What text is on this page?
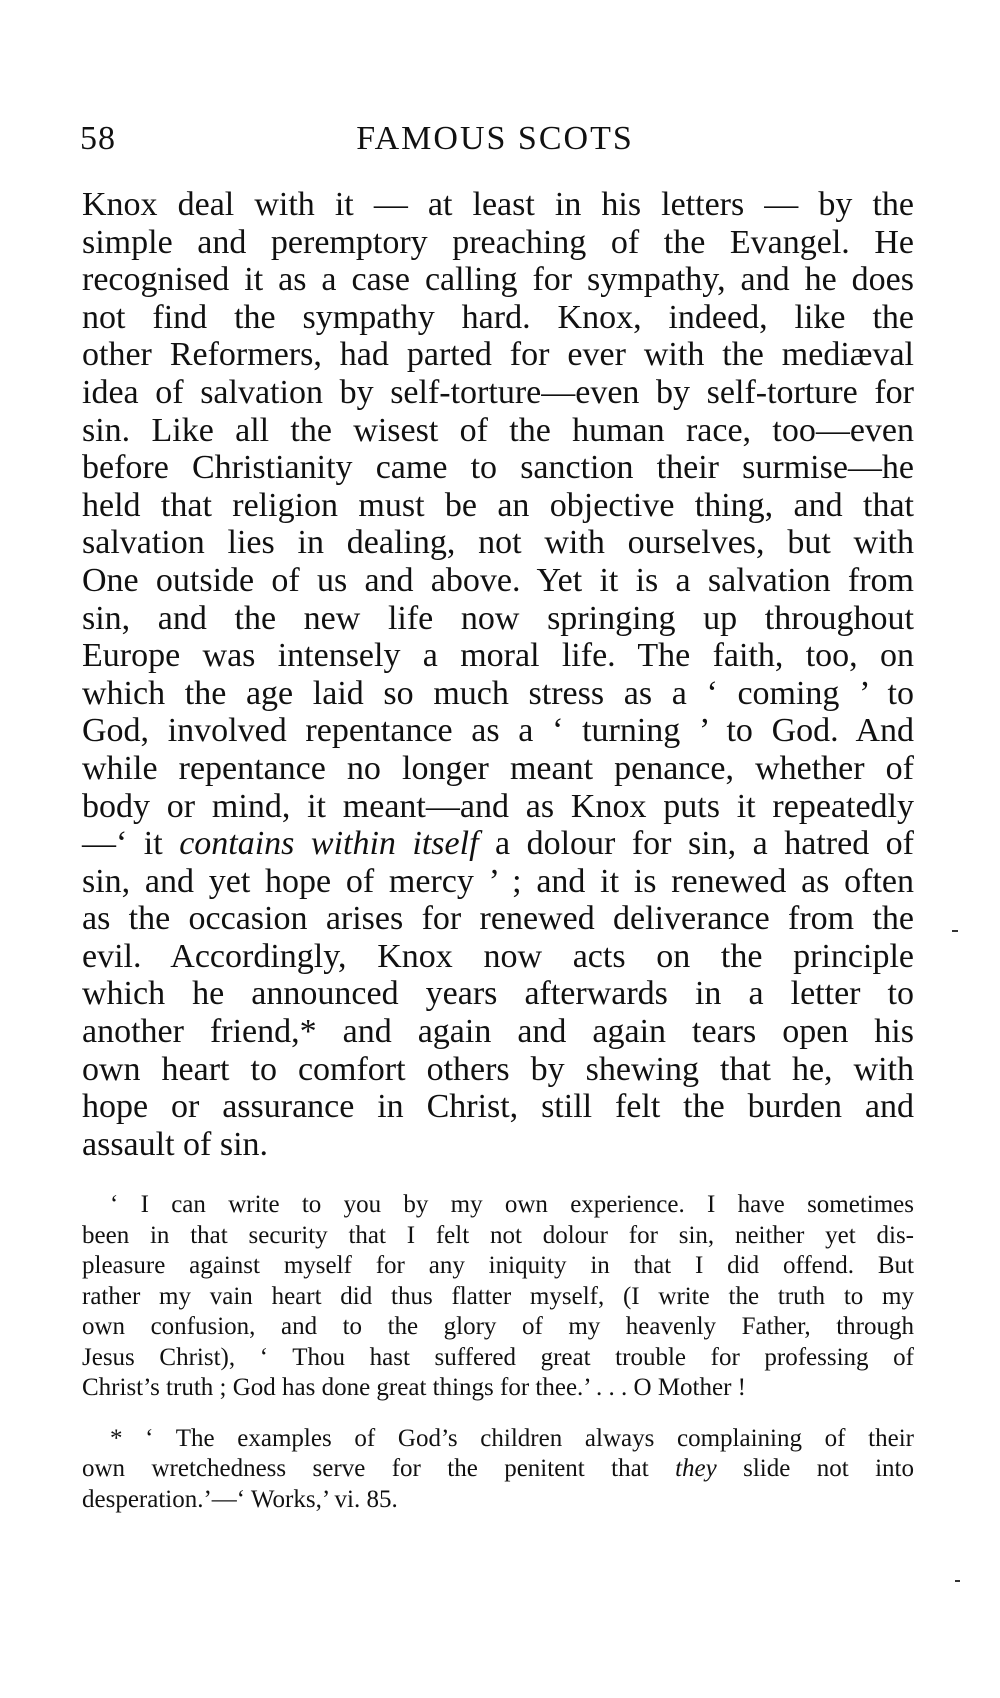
58	FAMOUS SCOTS
Knox deal with it — at least in his letters — by the
simple and peremptory preaching of the Evangel. He
recognised it as a case calling for sympathy, and he does
not find the sympathy hard. Knox, indeed, like the
other Reformers, had parted for ever with the mediæval
idea of salvation by self-torture—even by self-torture for
sin. Like all the wisest of the human race, too—even
before Christianity came to sanction their surmise—he
held that religion must be an objective thing, and that
salvation lies in dealing, not with ourselves, but with
One outside of us and above. Yet it is a salvation from
sin, and the new life now springing up throughout
Europe was intensely a moral life. The faith, too, on
which the age laid so much stress as a ‘ coming ’ to
God, involved repentance as a ‘ turning ’ to God. And
while repentance no longer meant penance, whether of
body or mind, it meant—and as Knox puts it repeatedly
—‘ it contains within itself a dolour for sin, a hatred of
sin, and yet hope of mercy ’ ; and it is renewed as often
as the occasion arises for renewed deliverance from the
evil. Accordingly, Knox now acts on the principle
which he announced years afterwards in a letter to
another friend,* and again and again tears open his
own heart to comfort others by shewing that he, with
hope or assurance in Christ, still felt the burden and
assault of sin.
‘ I can write to you by my own experience. I have sometimes
been in that security that I felt not dolour for sin, neither yet dis-
pleasure against myself for any iniquity in that I did offend. But
rather my vain heart did thus flatter myself, (I write the truth to my
own confusion, and to the glory of my heavenly Father, through
Jesus Christ), ‘ Thou hast suffered great trouble for professing of
Christ’s truth ; God has done great things for thee.’ . . . O Mother !
* ‘ The examples of God’s children always complaining of their
own wretchedness serve for the penitent that they slide not into
desperation.’—‘ Works,’ vi. 85.
